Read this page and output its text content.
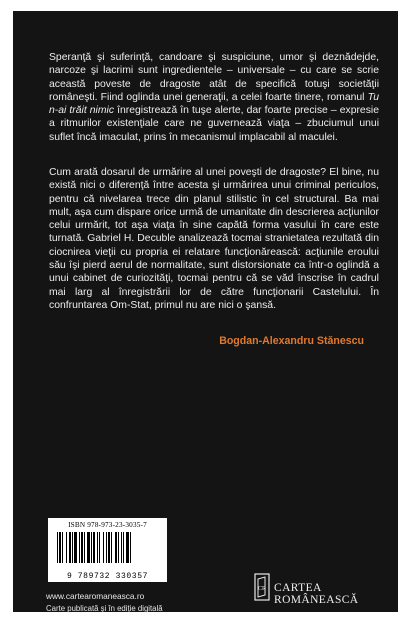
Speranţă şi suferinţă, candoare şi suspiciune, umor şi deznădejde, narcoze şi lacrimi sunt ingredientele – universale – cu care se scrie această poveste de dragoste atât de specifică totuşi societăţii româneşti. Fiind oglinda unei generaţii, a celei foarte tinere, romanul Tu n-ai trăit nimic înregistrează în tuşe alerte, dar foarte precise – expresie a ritmurilor existenţiale care ne guvernează viaţa – zbuciumul unui suflet încă imaculat, prins în mecanismul implacabil al maculei.

Cum arată dosarul de urmărire al unei poveşti de dragoste? El bine, nu există nici o diferenţă între acesta şi urmărirea unui criminal periculos, pentru că nivelarea trece din planul stilistic în cel structural. Ba mai mult, aşa cum dispare orice urmă de umanitate din descrierea acţiunilor celui urmărit, tot aşa viaţa în sine capătă forma vasului în care este turnată. Gabriel H. Decuble analizează tocmai stranietatea rezultată din ciocnirea vieţii cu propria ei relatare funcţionărească: acţiunile eroului său îşi pierd aerul de normalitate, sunt distorsionate ca într-o oglindă a unui cabinet de curiozităţi, tocmai pentru că se văd înscrise în cadrul mai larg al înregistrării lor de către funcţionarii Castelului. În confruntarea Om-Stat, primul nu are nici o şansă.

Bogdan-Alexandru Stănescu
ISBN 978-973-23-3035-7
9 789732 330357
www.cartearomaneasca.ro
Carte publicată şi în ediţie digitală
CR CARTEA ROMÂNEASCĂ
